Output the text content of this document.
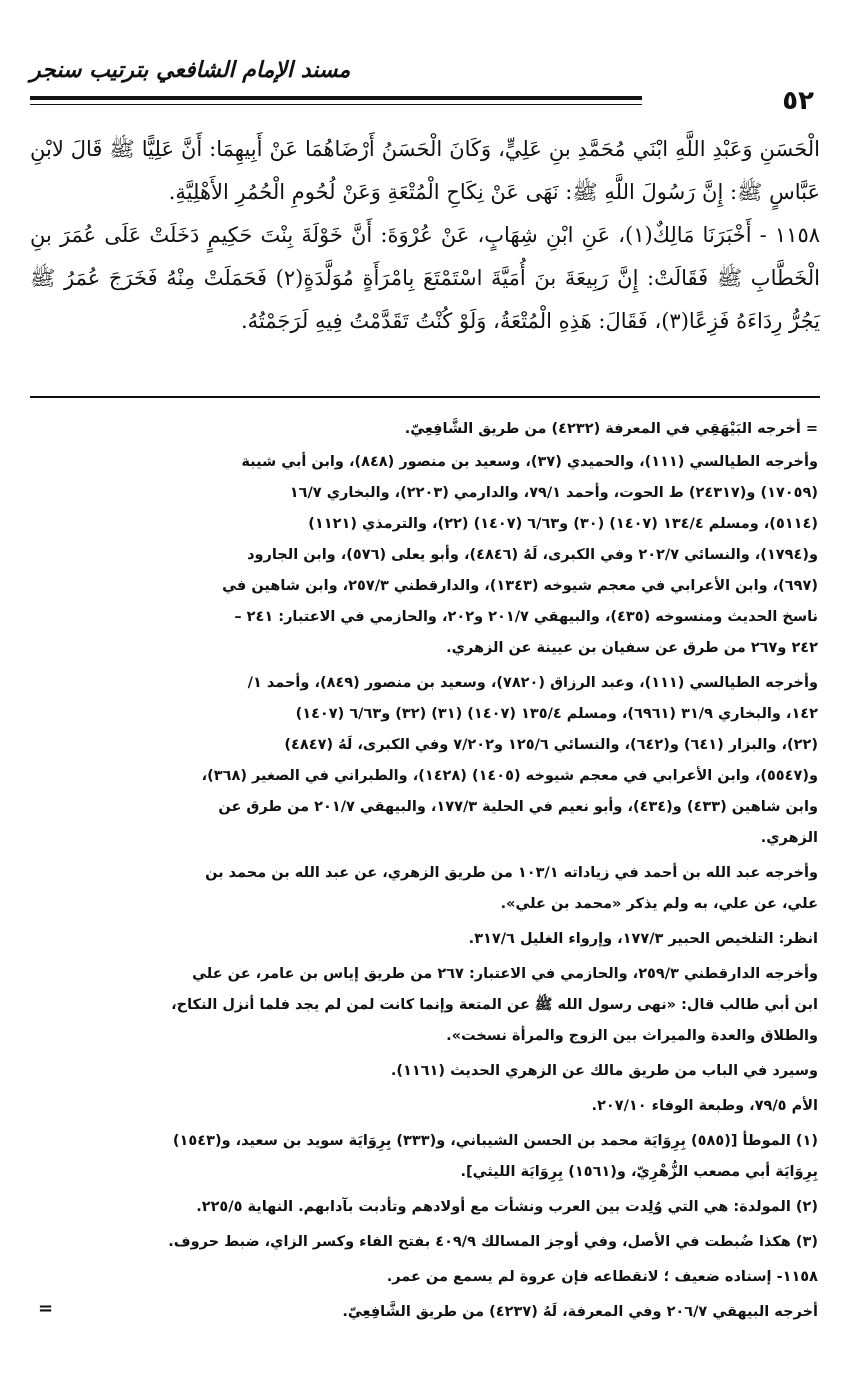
مسند الإمام الشافعي بترتيب سنجر
٥٢

الْحَسَنِ وَعَبْدِ اللَّهِ ابْنَي مُحَمَّدِ بنِ عَلِيٍّ، وَكَانَ الْحَسَنُ أَرْضَاهُمَا عَنْ أَبِيهِمَا: أَنَّ عَلِيًّا ﷺ قَالَ لابْنِ عَبَّاسٍ ﷺ: إِنَّ رَسُولَ اللَّهِ ﷺ: نَهَى عَنْ نِكَاحِ الْمُتْعَةِ وَعَنْ لُحُومِ الْحُمُرِ الأَهْلِيَّةِ.

١١٥٨ - أَخْبَرَنَا مَالِكٌ(١)، عَنِ ابْنِ شِهَابٍ، عَنْ عُرْوَةَ: أَنَّ خَوْلَةَ بِنْتَ حَكِيمٍ دَخَلَتْ عَلَى عُمَرَ بنِ الْخَطَّابِ ﷺ فَقَالَتْ: إِنَّ رَبِيعَةَ بنَ أُمَيَّةَ اسْتَمْتَعَ بِامْرَأَةٍ مُوَلَّدَةٍ(٢) فَحَمَلَتْ مِنْهُ فَخَرَجَ عُمَرُ ﷺ يَجُرُّ رِدَاءَهُ فَزِعًا(٣)، فَقَالَ: هَذِهِ الْمُتْعَةُ، وَلَوْ كُنْتُ تَقَدَّمْتُ فِيهِ لَرَجَمْتُهُ.

= أخرجه البَيْهَقِي في المعرفة (٤٢٣٢) من طريق الشَّافِعِيّ.

وأخرجه الطيالسي (١١١)، والحميدي (٣٧)، وسعيد بن منصور (٨٤٨)، وابن أبي شيبة
(١٧٠٥٩) و(٢٤٣١٧) ط الحوت، وأحمد ٧٩/١، والدارمي (٢٢٠٣)، والبخاري ١٦/٧
(٥١١٤)، ومسلم ١٣٤/٤ (١٤٠٧) (٣٠) و٦/٦٣ (١٤٠٧) (٢٢)، والترمذي (١١٢١)
و(١٧٩٤)، والنسائي ٢٠٢/٧ وفي الكبرى، لَهُ (٤٨٤٦)، وأبو يعلى (٥٧٦)، وابن الجارود
(٦٩٧)، وابن الأعرابي في معجم شيوخه (١٣٤٣)، والدارقطني ٢٥٧/٣، وابن شاهين في
ناسخ الحديث ومنسوخه (٤٣٥)، والبيهقي ٢٠١/٧ و٢٠٢، والحازمي في الاعتبار: ٢٤١ –
٢٤٢ و٢٦٧ من طرق عن سفيان بن عيينة عن الزهري.

وأخرجه الطيالسي (١١١)، وعبد الرزاق (٧٨٢٠)، وسعيد بن منصور (٨٤٩)، وأحمد ١/
١٤٢، والبخاري ٣١/٩ (٦٩٦١)، ومسلم ١٣٥/٤ (١٤٠٧) (٣١) (٣٢) و٦/٦٣ (١٤٠٧)
(٢٢)، والبزار (٦٤١) و(٦٤٢)، والنسائي ١٢٥/٦ و٧/٢٠٢ وفي الكبرى، لَهُ (٤٨٤٧)
و(٥٥٤٧)، وابن الأعرابي في معجم شيوخه (١٤٠٥) (١٤٢٨)، والطبراني في الصغير (٣٦٨)،
وابن شاهين (٤٣٣) و(٤٣٤)، وأبو نعيم في الحلية ١٧٧/٣، والبيهقي ٢٠١/٧ من طرق عن
الزهري.

وأخرجه عبد الله بن أحمد في زياداته ١٠٣/١ من طريق الزهري، عن عبد الله بن محمد بن
علي، عن علي، به ولم يذكر «محمد بن علي».

انظر: التلخيص الحبير ١٧٧/٣، وإرواء الغليل ٣١٧/٦.

وأخرجه الدارقطني ٢٥٩/٣، والحازمي في الاعتبار: ٢٦٧ من طريق إياس بن عامر، عن علي
ابن أبي طالب قال: «نهى رسول الله ﷺ عن المتعة وإنما كانت لمن لم يجد فلما أنزل النكاح،
والطلاق والعدة والميراث بين الزوج والمرأة نسخت».

وسيرد في الباب من طريق مالك عن الزهري الحديث (١١٦١).

الأم ٧٩/٥، وطبعة الوفاء ٢٠٧/١٠.

(١) الموطأ [(٥٨٥) بِرِوَايَة محمد بن الحسن الشيباني، و(٣٣٣) بِرِوَايَة سويد بن سعيد، و(١٥٤٣)
بِرِوَايَة أبي مصعب الزُّهْرِيّ، و(١٥٦١) بِرِوَايَة الليثي].

(٢) المولدة: هي التي وُلِدت بين العرب ونشأت مع أولادهم وتأدبت بآدابهم. النهاية ٢٢٥/٥.

(٣) هكذا ضُبطت في الأصل، وفي أوجز المسالك ٤٠٩/٩ بفتح الفاء وكسر الزاي، ضبط حروف.

١١٥٨- إسناده ضعيف ؛ لانقطاعه فإن عروة لم يسمع من عمر.

أخرجه البيهقي ٢٠٦/٧ وفي المعرفة، لَهُ (٤٢٣٧) من طريق الشَّافِعِيّ.

=
